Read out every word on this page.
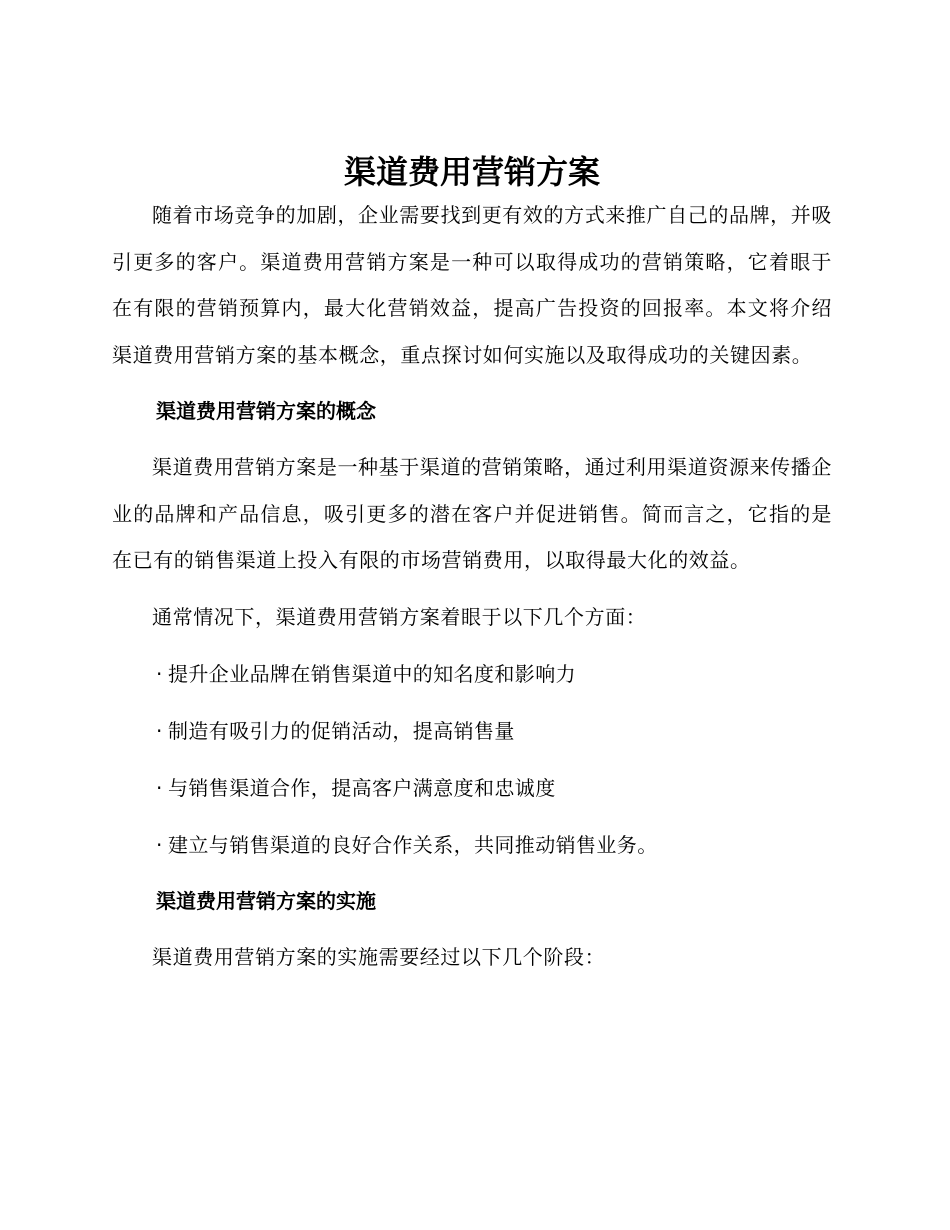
渠道费用营销方案

随着市场竞争的加剧，企业需要找到更有效的方式来推广自己的品牌，并吸引更多的客户。渠道费用营销方案是一种可以取得成功的营销策略，它着眼于在有限的营销预算内，最大化营销效益，提高广告投资的回报率。本文将介绍渠道费用营销方案的基本概念，重点探讨如何实施以及取得成功的关键因素。

渠道费用营销方案的概念

渠道费用营销方案是一种基于渠道的营销策略，通过利用渠道资源来传播企业的品牌和产品信息，吸引更多的潜在客户并促进销售。简而言之，它指的是在已有的销售渠道上投入有限的市场营销费用，以取得最大化的效益。

通常情况下，渠道费用营销方案着眼于以下几个方面：

· 提升企业品牌在销售渠道中的知名度和影响力
· 制造有吸引力的促销活动，提高销售量
· 与销售渠道合作，提高客户满意度和忠诚度
· 建立与销售渠道的良好合作关系，共同推动销售业务。
渠道费用营销方案的实施

渠道费用营销方案的实施需要经过以下几个阶段：
